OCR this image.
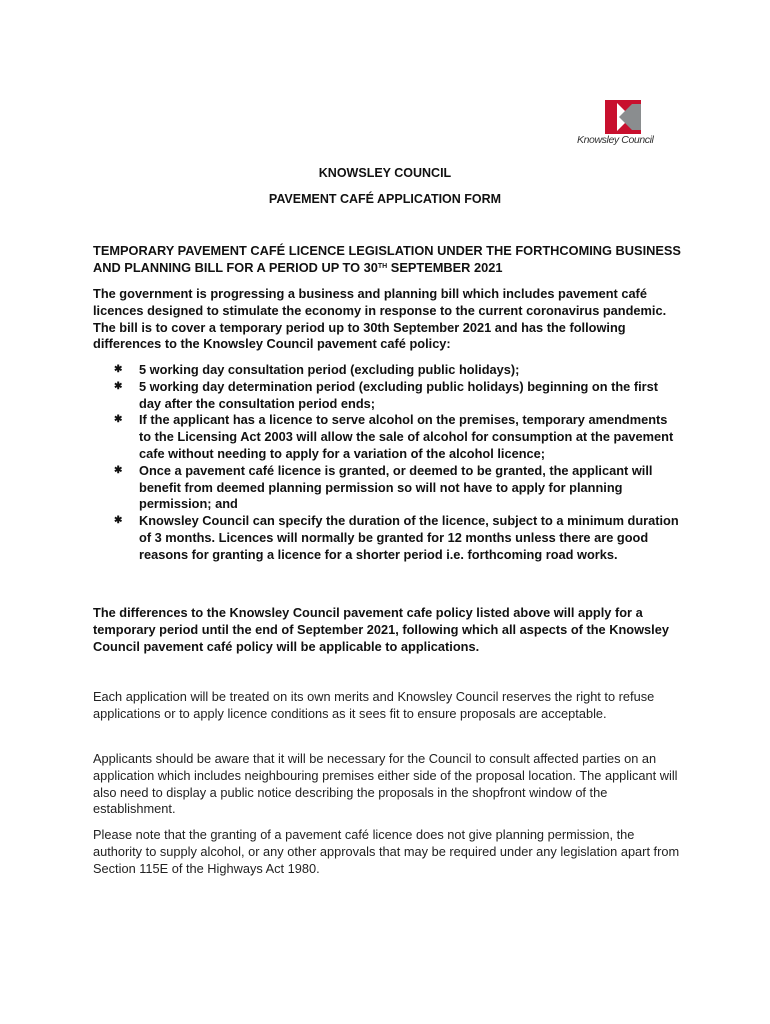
Knowsley Council
KNOWSLEY COUNCIL
PAVEMENT CAFÉ APPLICATION FORM
TEMPORARY PAVEMENT CAFÉ LICENCE LEGISLATION UNDER THE FORTHCOMING BUSINESS AND PLANNING BILL FOR A PERIOD UP TO 30TH SEPTEMBER 2021
The government is progressing a business and planning bill which includes pavement café licences designed to stimulate the economy in response to the current coronavirus pandemic. The bill is to cover a temporary period up to 30th September 2021 and has the following differences to the Knowsley Council pavement café policy:
✱ 5 working day consultation period (excluding public holidays);
✱ 5 working day determination period (excluding public holidays) beginning on the first day after the consultation period ends;
✱ If the applicant has a licence to serve alcohol on the premises, temporary amendments to the Licensing Act 2003 will allow the sale of alcohol for consumption at the pavement cafe without needing to apply for a variation of the alcohol licence;
✱ Once a pavement café licence is granted, or deemed to be granted, the applicant will benefit from deemed planning permission so will not have to apply for planning permission; and
✱ Knowsley Council can specify the duration of the licence, subject to a minimum duration of 3 months. Licences will normally be granted for 12 months unless there are good reasons for granting a licence for a shorter period i.e. forthcoming road works.
The differences to the Knowsley Council pavement cafe policy listed above will apply for a temporary period until the end of September 2021, following which all aspects of the Knowsley Council pavement café policy will be applicable to applications.
Each application will be treated on its own merits and Knowsley Council reserves the right to refuse applications or to apply licence conditions as it sees fit to ensure proposals are acceptable.
Applicants should be aware that it will be necessary for the Council to consult affected parties on an application which includes neighbouring premises either side of the proposal location. The applicant will also need to display a public notice describing the proposals in the shopfront window of the establishment.
Please note that the granting of a pavement café licence does not give planning permission, the authority to supply alcohol, or any other approvals that may be required under any legislation apart from Section 115E of the Highways Act 1980.
